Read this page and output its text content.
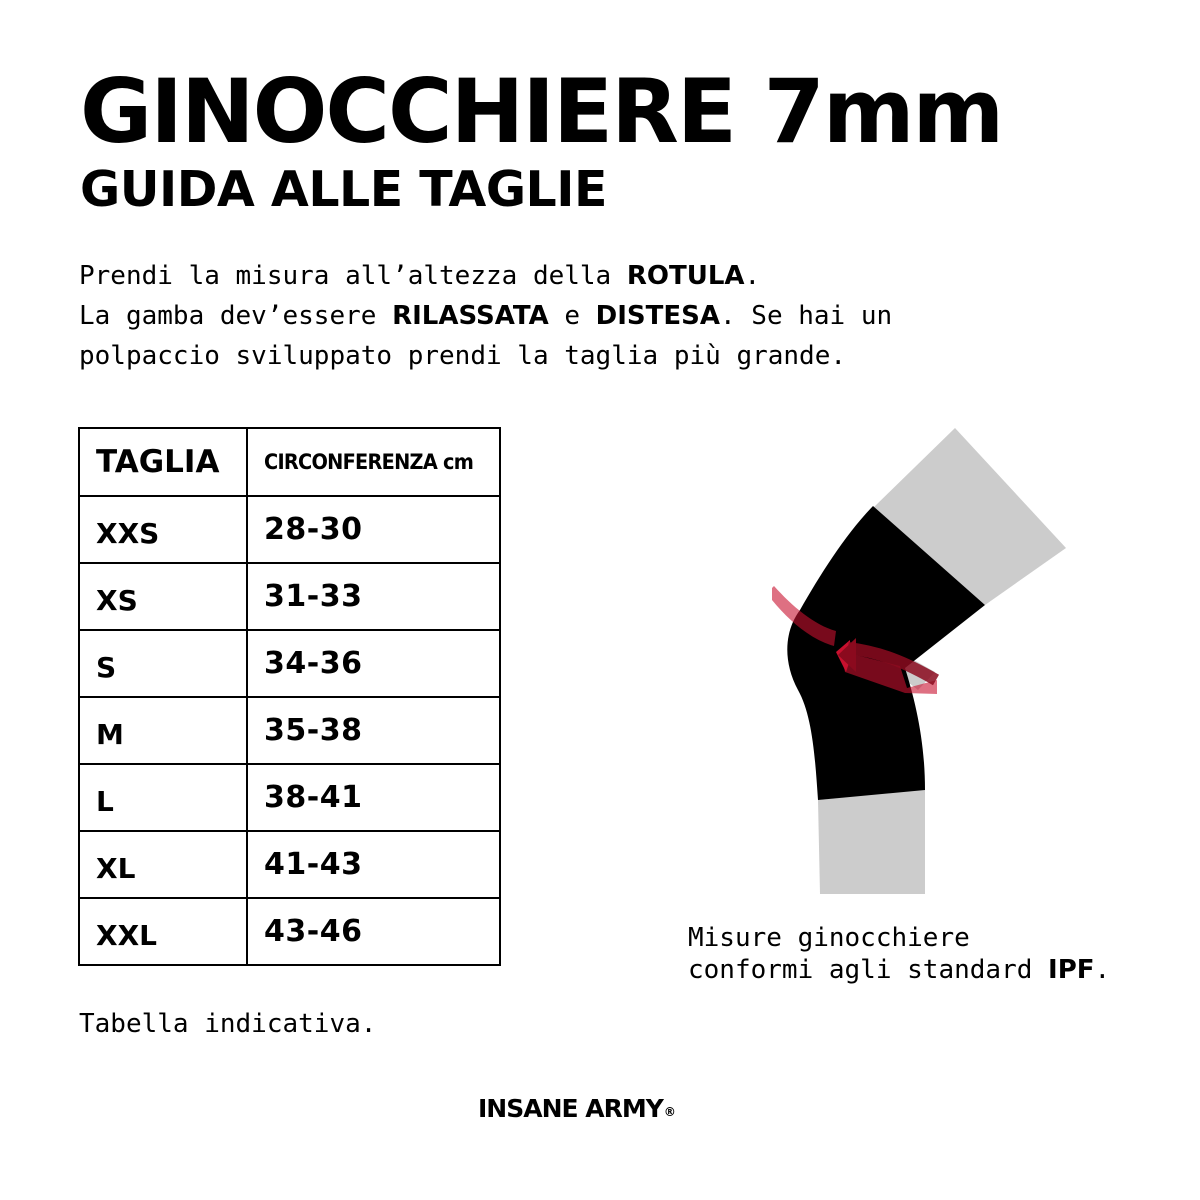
GINOCCHIERE 7mm
GUIDA ALLE TAGLIE
Prendi la misura all’altezza della ROTULA.
La gamba dev’essere RILASSATA e DISTESA. Se hai un
polpaccio sviluppato prendi la taglia più grande.
TAGLIA	CIRCONFERENZA cm
XXS	28-30
XS	31-33
S	34-36
M	35-38
L	38-41
XL	41-43
XXL	43-46
Tabella indicativa.
Misure ginocchiere
conformi agli standard IPF.
INSANE ARMY®
